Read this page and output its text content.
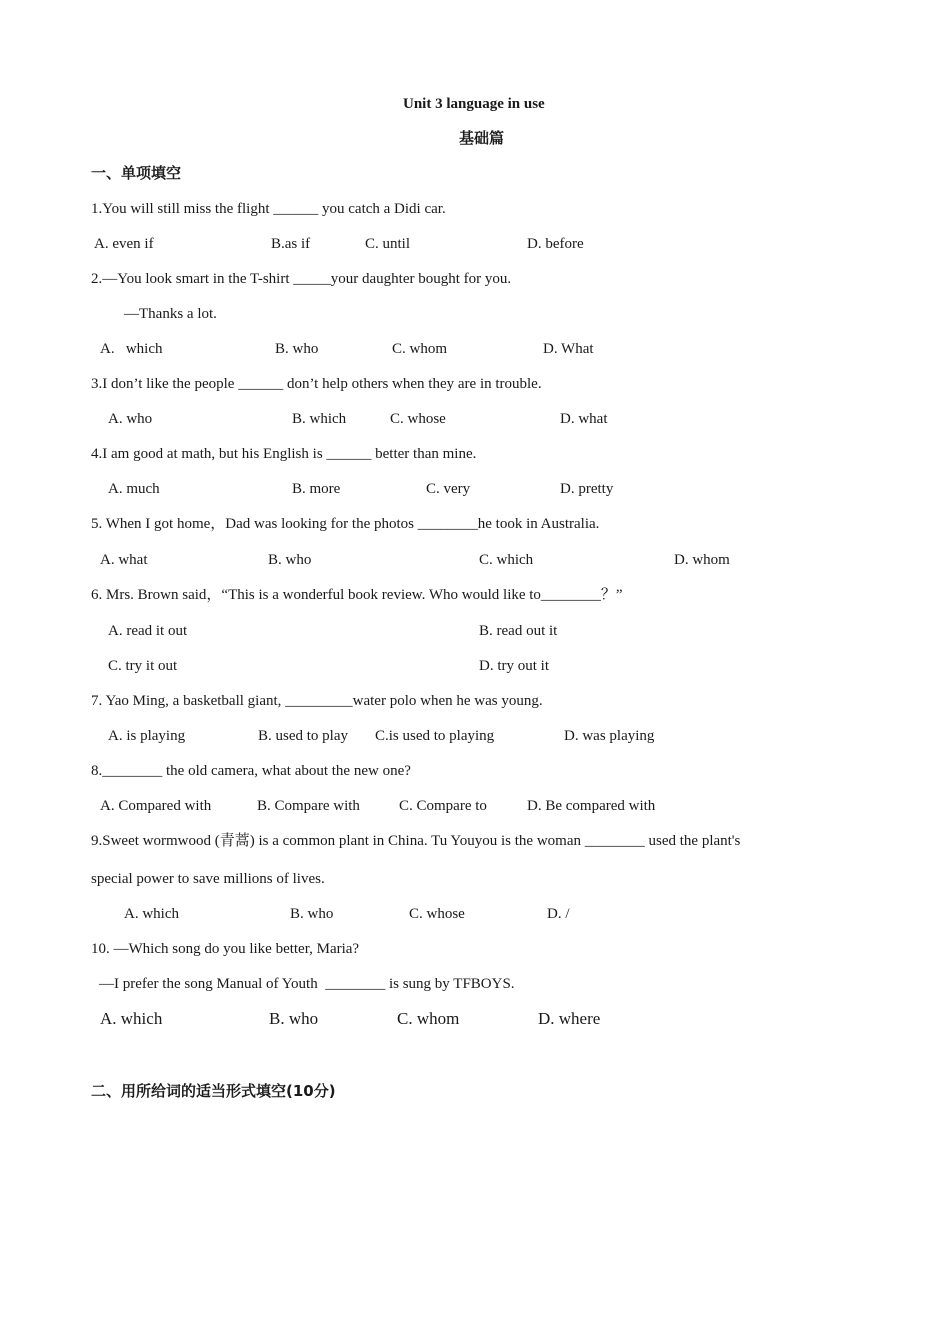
Unit 3 language in use
基础篇
一、单项填空
1.You will still miss the flight ______ you catch a Didi car.
A. even if	B.as if	C. until	D. before
2.—You look smart in the T-shirt _____your daughter bought for you.
—Thanks a lot.
A.   which	B. who	C. whom	D. What
3.I don’t like the people ______ don’t help others when they are in trouble.
A. who	B. which	C. whose	D. what
4.I am good at math, but his English is ______ better than mine.
A. much	B. more	C. very	D. pretty
5. When I got home，Dad was looking for the photos ________he took in Australia.
A. what	B. who	C. which	D. whom
6. Mrs. Brown said，“This is a wonderful book review. Who would like to________？”
A. read it out	B. read out it
C. try it out	D. try out it
7. Yao Ming, a basketball giant, _________water polo when he was young.
A. is playing	B. used to play C.is used to playing	D. was playing
8.________ the old camera, what about the new one?
A. Compared with	B. Compare with	C. Compare to	D. Be compared with
9.Sweet wormwood (青蒿) is a common plant in China. Tu Youyou is the woman ________ used the plant's
special power to save millions of lives.
A. which	B. who	C. whose	D. /
10. —Which song do you like better, Maria?
—I prefer the song Manual of Youth  ________ is sung by TFBOYS.
A. which	B. who	C. whom	D. where
二、用所给词的适当形式填空(10分)
